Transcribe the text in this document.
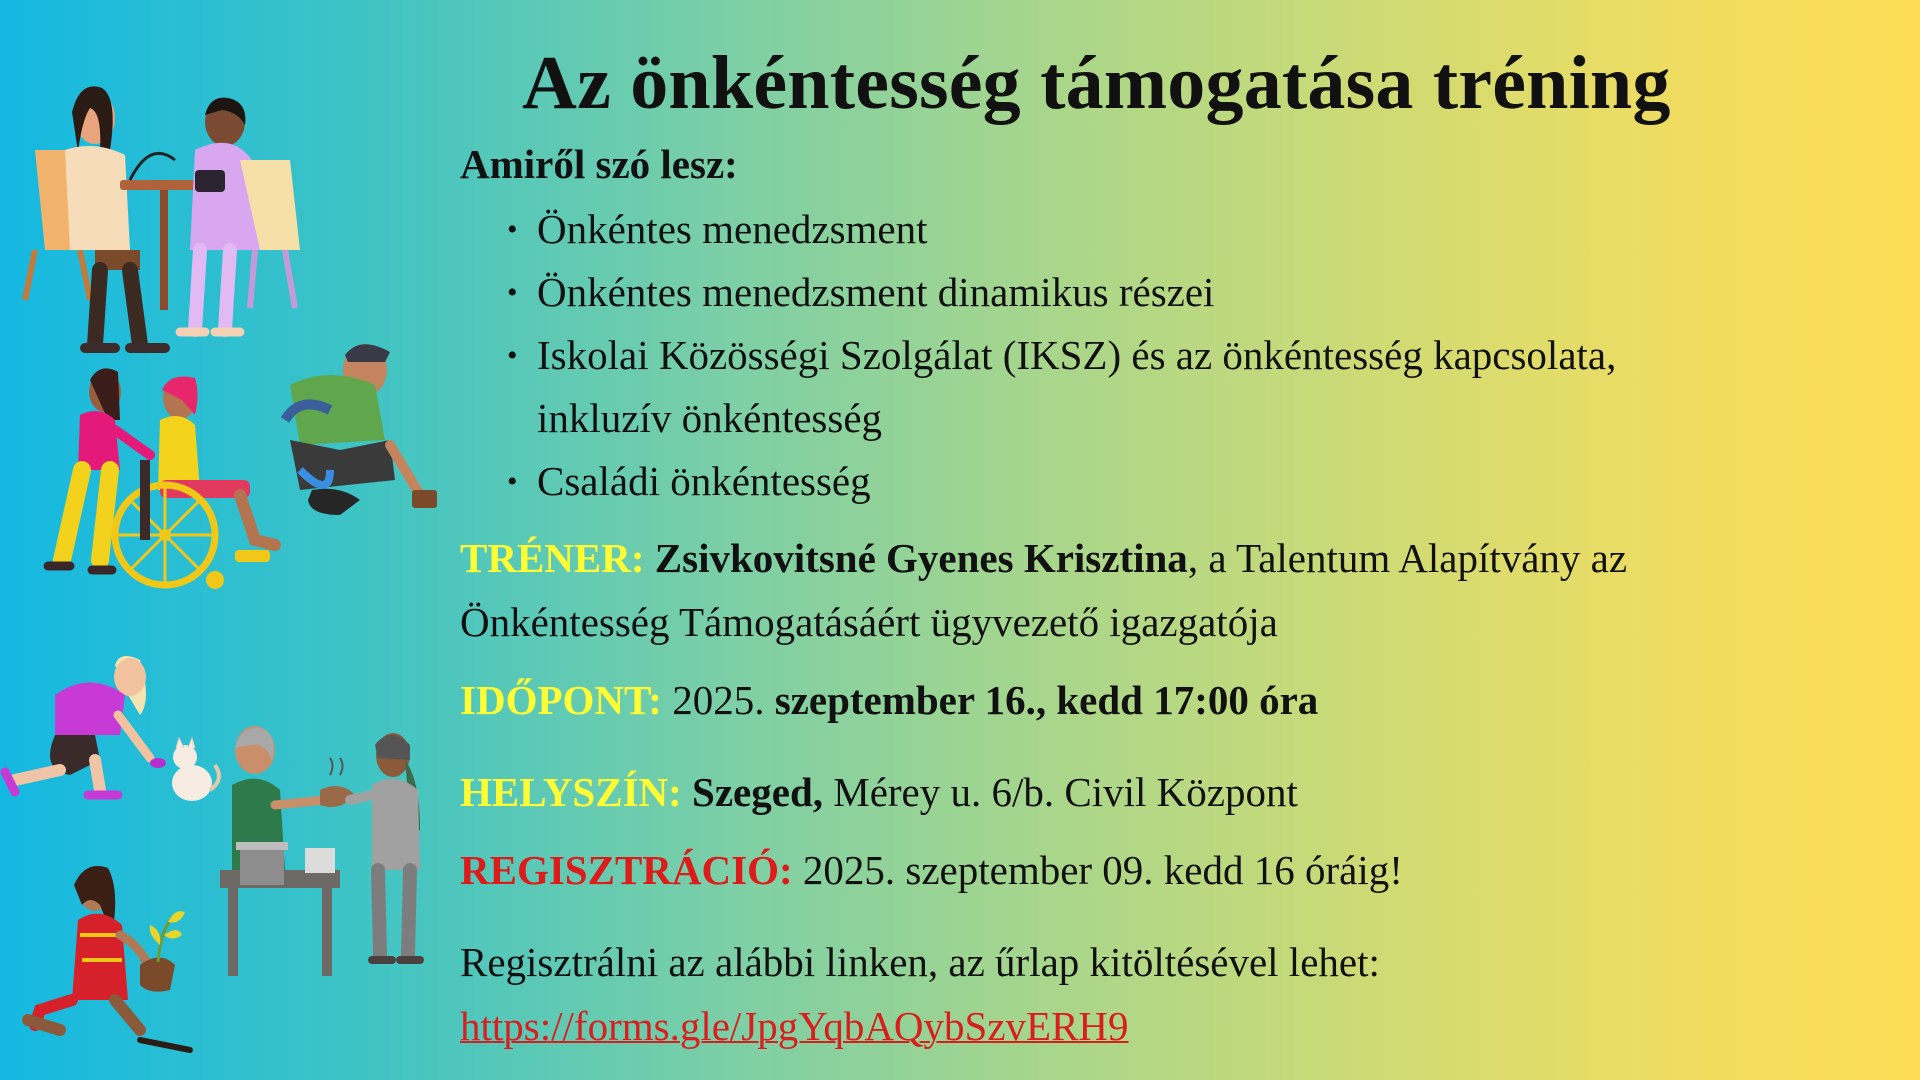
Az önkéntesség támogatása tréning
Amiről szó lesz:
• Önkéntes menedzsment
• Önkéntes menedzsment dinamikus részei
• Iskolai Közösségi Szolgálat (IKSZ) és az önkéntesség kapcsolata,
inkluzív önkéntesség
• Családi önkéntesség
TRÉNER: Zsivkovitsné Gyenes Krisztina, a Talentum Alapítvány az
Önkéntesség Támogatásáért ügyvezető igazgatója
IDŐPONT: 2025. szeptember 16., kedd 17:00 óra
HELYSZÍN: Szeged, Mérey u. 6/b. Civil Központ
REGISZTRÁCIÓ: 2025. szeptember 09. kedd 16 óráig!
Regisztrálni az alábbi linken, az űrlap kitöltésével lehet:
https://forms.gle/JpgYqbAQybSzvERH9
